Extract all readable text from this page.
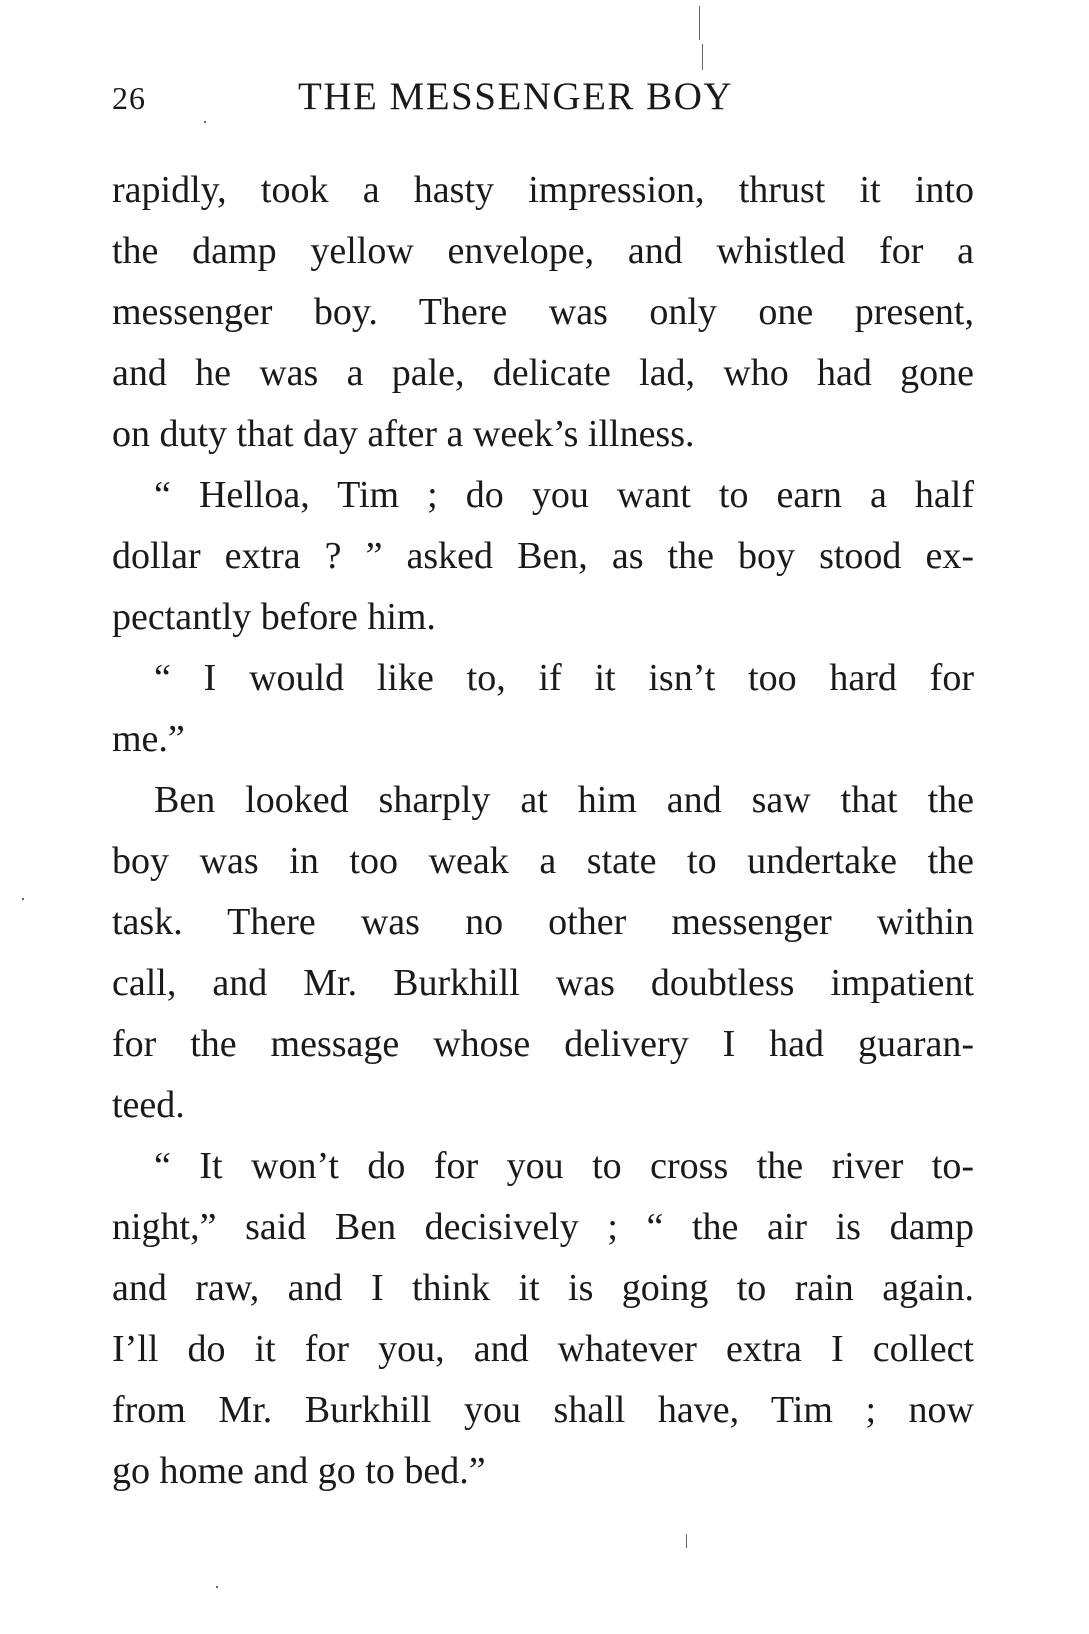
26	THE MESSENGER BOY
rapidly, took a hasty impression, thrust it into
the damp yellow envelope, and whistled for a
messenger boy. There was only one present,
and he was a pale, delicate lad, who had gone
on duty that day after a week’s illness.
“ Helloa, Tim ; do you want to earn a half
dollar extra ? ” asked Ben, as the boy stood ex-
pectantly before him.
“ I would like to, if it isn’t too hard for
me.”
Ben looked sharply at him and saw that the
boy was in too weak a state to undertake the
task. There was no other messenger within
call, and Mr. Burkhill was doubtless impatient
for the message whose delivery I had guaran-
teed.
“ It won’t do for you to cross the river to-
night,” said Ben decisively ; “ the air is damp
and raw, and I think it is going to rain again.
I’ll do it for you, and whatever extra I collect
from Mr. Burkhill you shall have, Tim ; now
go home and go to bed.”
